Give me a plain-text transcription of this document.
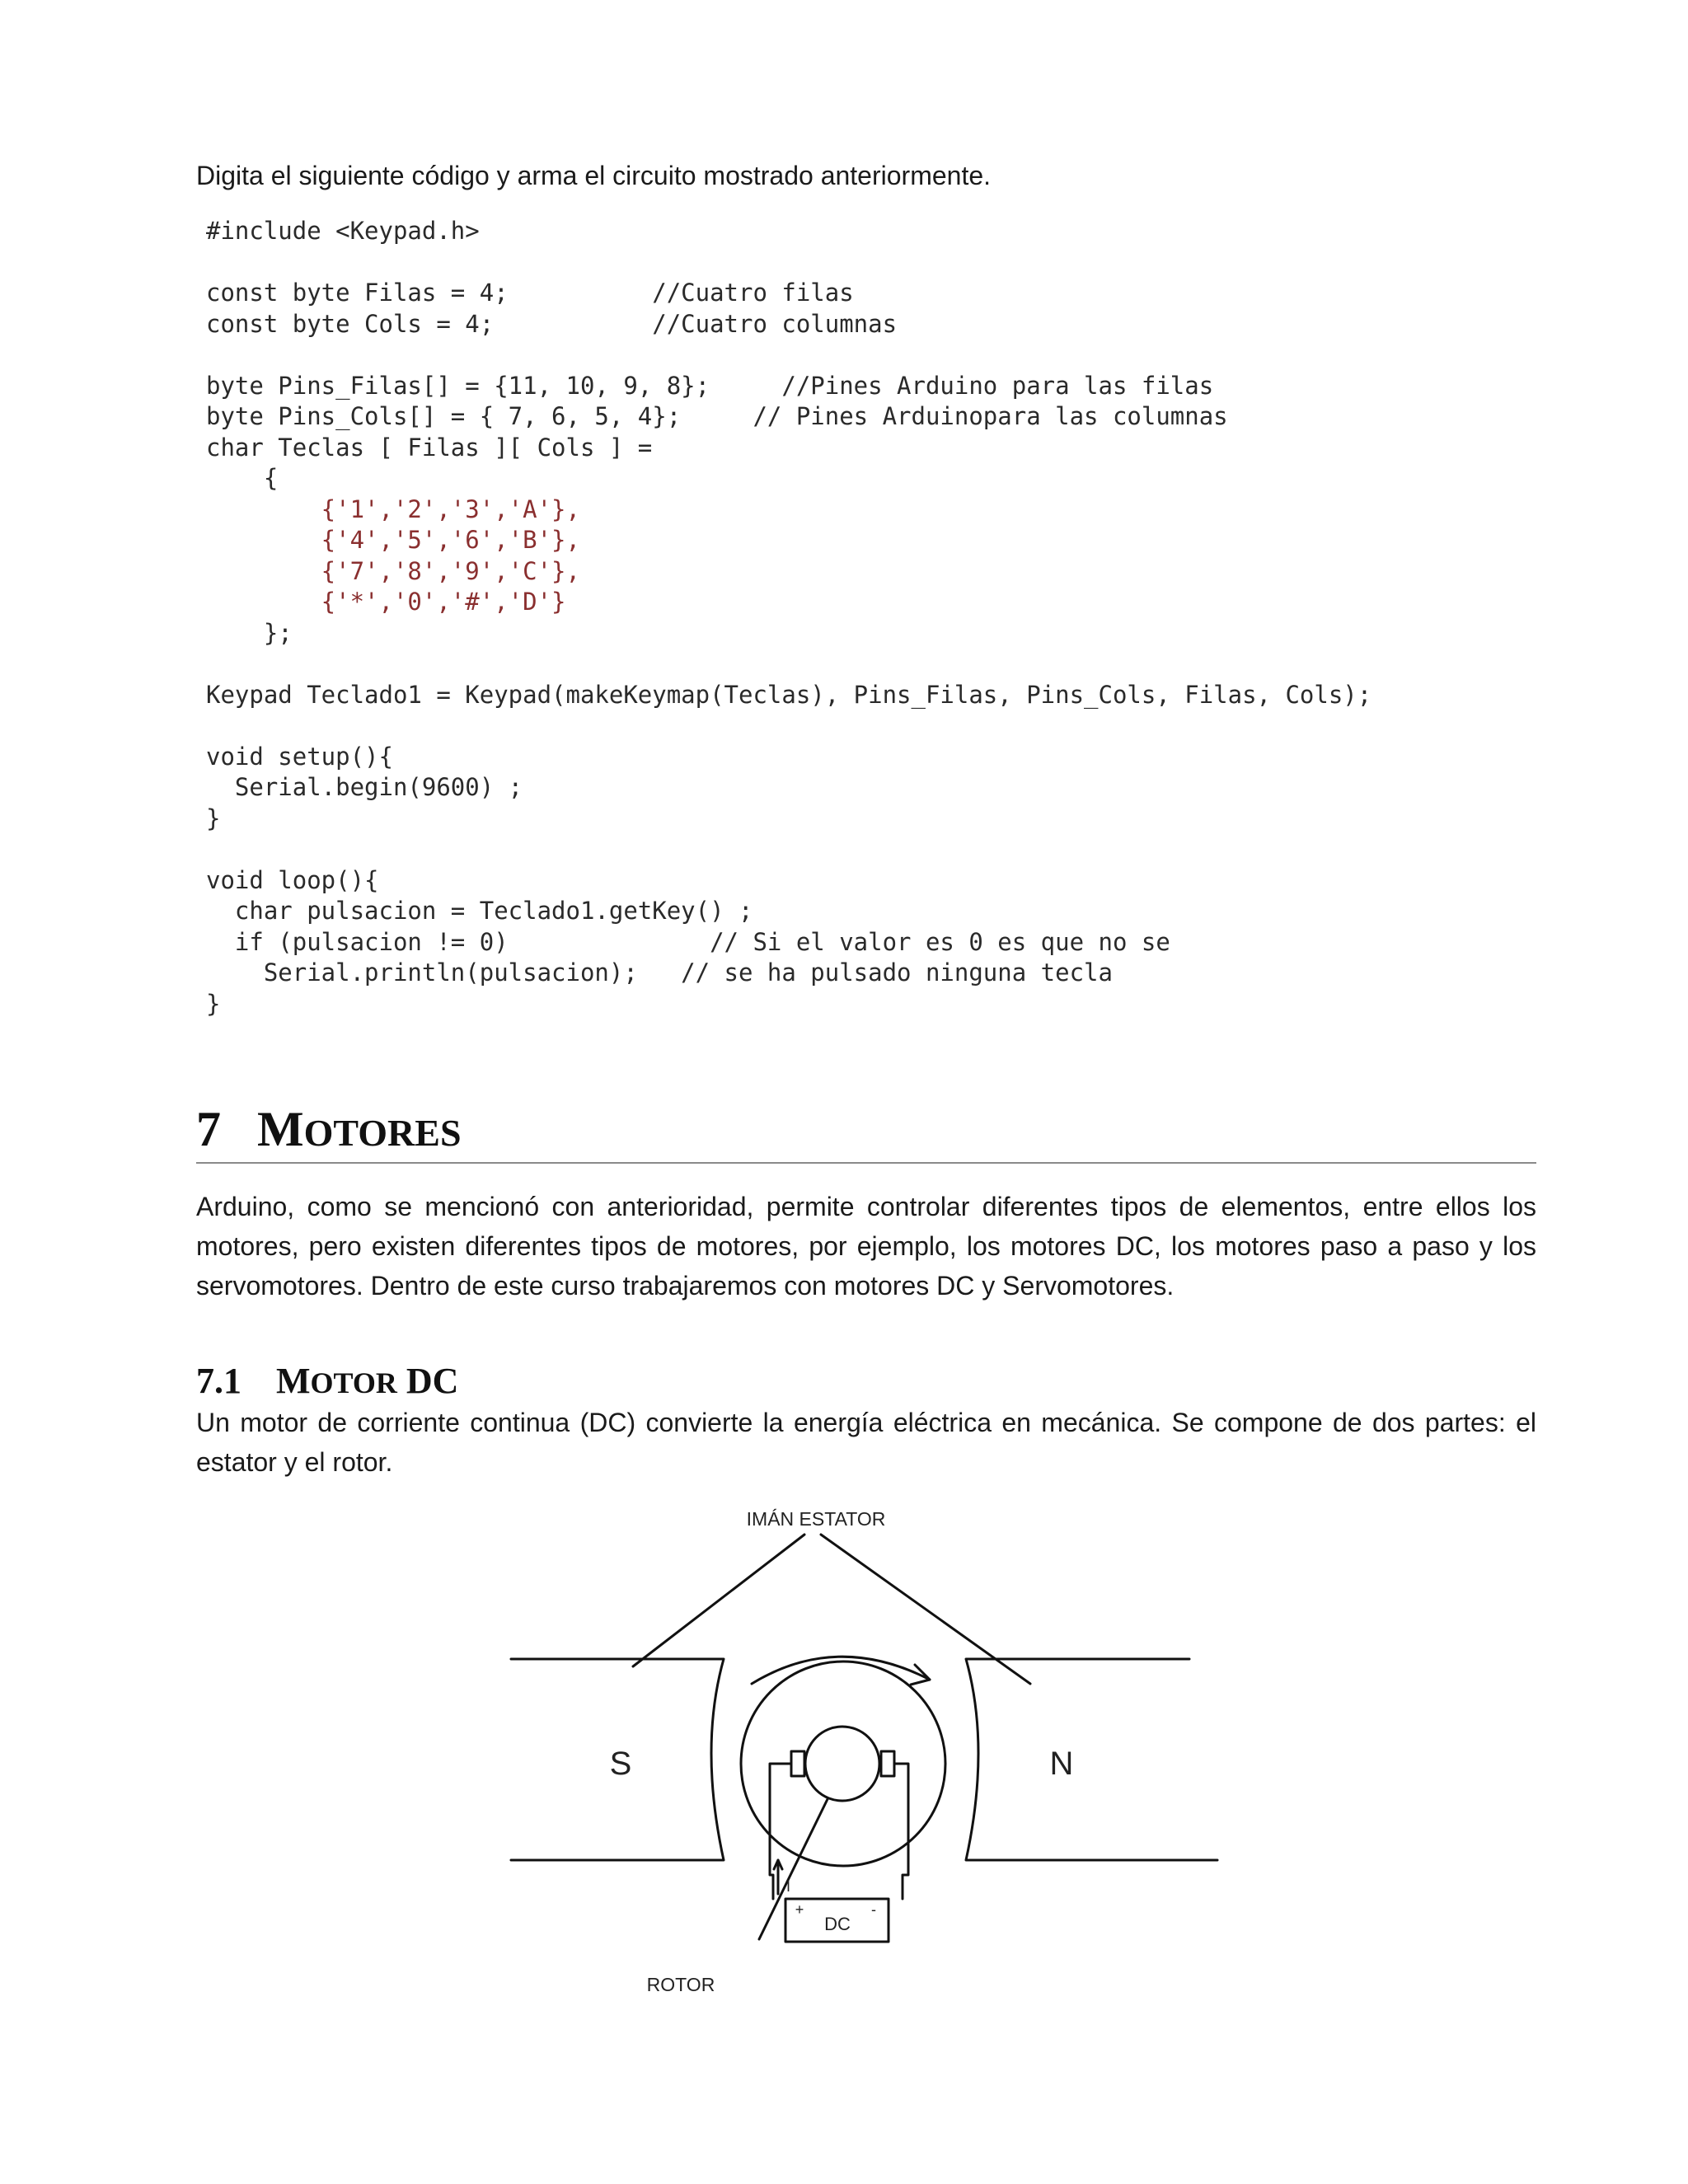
Digita el siguiente código y arma el circuito mostrado anteriormente.

#include <Keypad.h>
const byte Filas = 4;          //Cuatro filas
const byte Cols = 4;           //Cuatro columnas
byte Pins_Filas[] = {11, 10, 9, 8};     //Pines Arduino para las filas
byte Pins_Cols[] = { 7, 6, 5, 4};     // Pines Arduinopara las columnas
char Teclas [ Filas ][ Cols ] =
{
{'1','2','3','A'},
{'4','5','6','B'},
{'7','8','9','C'},
{'*','0','#','D'}
};
Keypad Teclado1 = Keypad(makeKeymap(Teclas), Pins_Filas, Pins_Cols, Filas, Cols);
void setup(){
Serial.begin(9600) ;
}
void loop(){
char pulsacion = Teclado1.getKey() ;
if (pulsacion != 0)              // Si el valor es 0 es que no se
Serial.println(pulsacion);   // se ha pulsado ninguna tecla
}
7 MOTORES

Arduino, como se mencionó con anterioridad, permite controlar diferentes tipos de elementos, entre ellos los motores, pero existen diferentes tipos de motores, por ejemplo, los motores DC, los motores paso a paso y los servomotores. Dentro de este curso trabajaremos con motores DC y Servomotores.

7.1 MOTOR DC

Un motor de corriente continua (DC) convierte la energía eléctrica en mecánica. Se compone de dos partes: el estator y el rotor.

IMÁN ESTATOR
S	N
I
+	-
DC
ROTOR
